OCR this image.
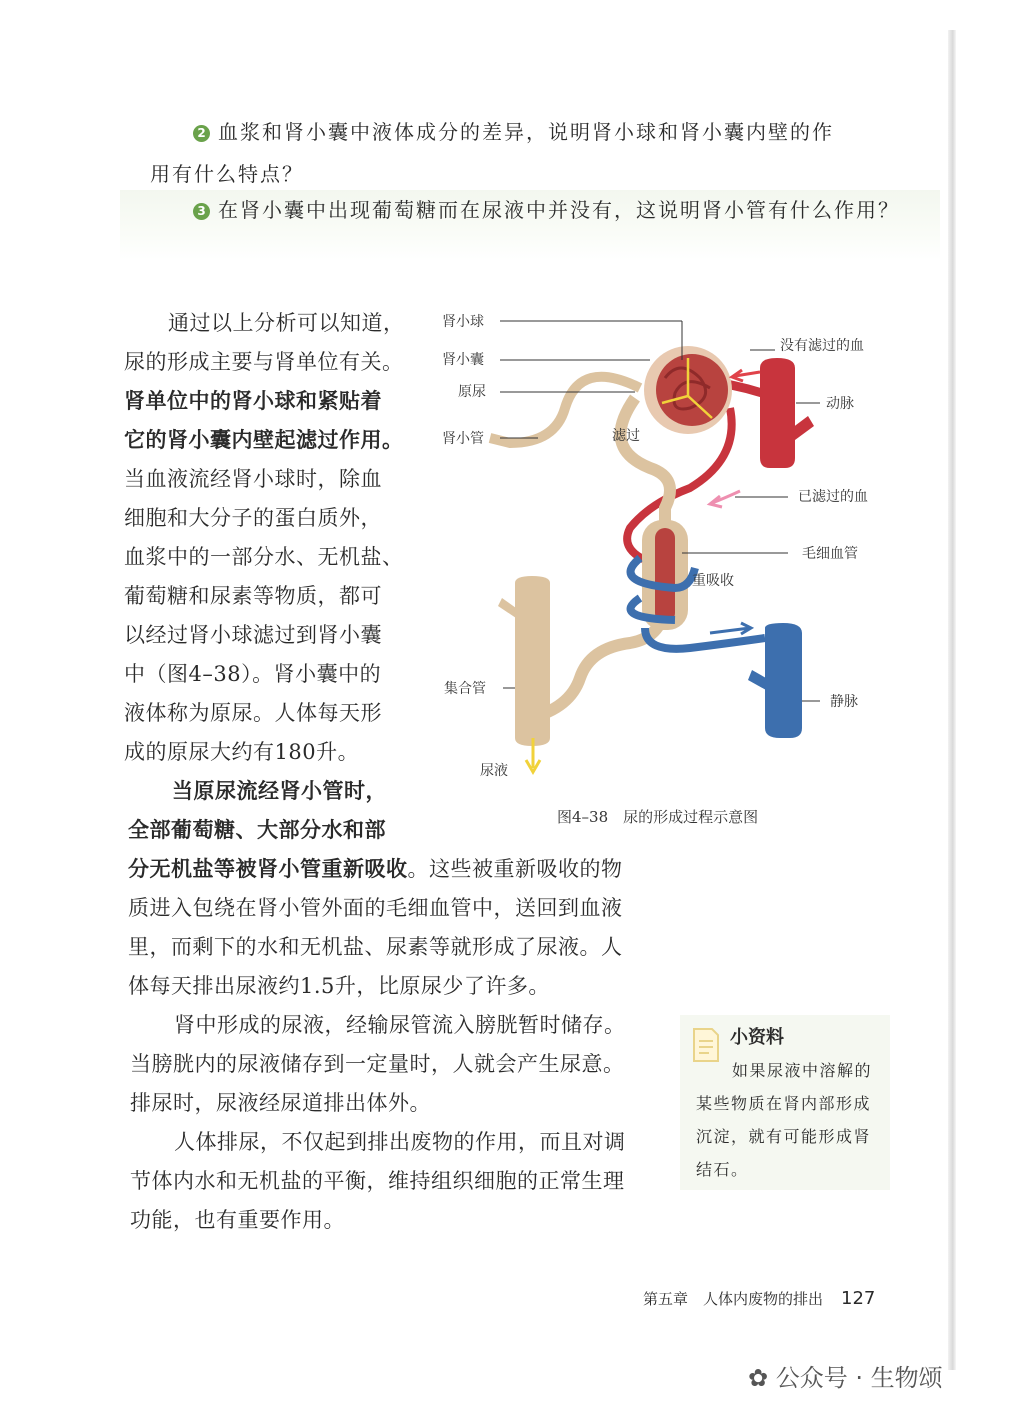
2 血浆和肾小囊中液体成分的差异，说明肾小球和肾小囊内壁的作
用有什么特点？
3 在肾小囊中出现葡萄糖而在尿液中并没有，这说明肾小管有什么作用？
通过以上分析可以知道，
尿的形成主要与肾单位有关。
肾单位中的肾小球和紧贴着
它的肾小囊内壁起滤过作用。
当血液流经肾小球时，除血
细胞和大分子的蛋白质外，
血浆中的一部分水、无机盐、
葡萄糖和尿素等物质，都可
以经过肾小球滤过到肾小囊
中（图4–38）。肾小囊中的
液体称为原尿。人体每天形
成的原尿大约有180升。
当原尿流经肾小管时，
全部葡萄糖、大部分水和部
分无机盐等被肾小管重新吸收。这些被重新吸收的物
质进入包绕在肾小管外面的毛细血管中，送回到血液
里，而剩下的水和无机盐、尿素等就形成了尿液。人
体每天排出尿液约1.5升，比原尿少了许多。
肾中形成的尿液，经输尿管流入膀胱暂时储存。
当膀胱内的尿液储存到一定量时，人就会产生尿意。
排尿时，尿液经尿道排出体外。
人体排尿，不仅起到排出废物的作用，而且对调
节体内水和无机盐的平衡，维持组织细胞的正常生理
功能，也有重要作用。
肾小球
肾小囊
原尿
肾小管	滤过
没有滤过的血
动脉
已滤过的血
毛细血管
重吸收
集合管
静脉
尿液
图4–38　尿的形成过程示意图
小资料
如果尿液中溶解的
某些物质在肾内部形成
沉淀，就有可能形成肾
结石。
第五章　人体内废物的排出 127
✿ 公众号 · 生物颂
